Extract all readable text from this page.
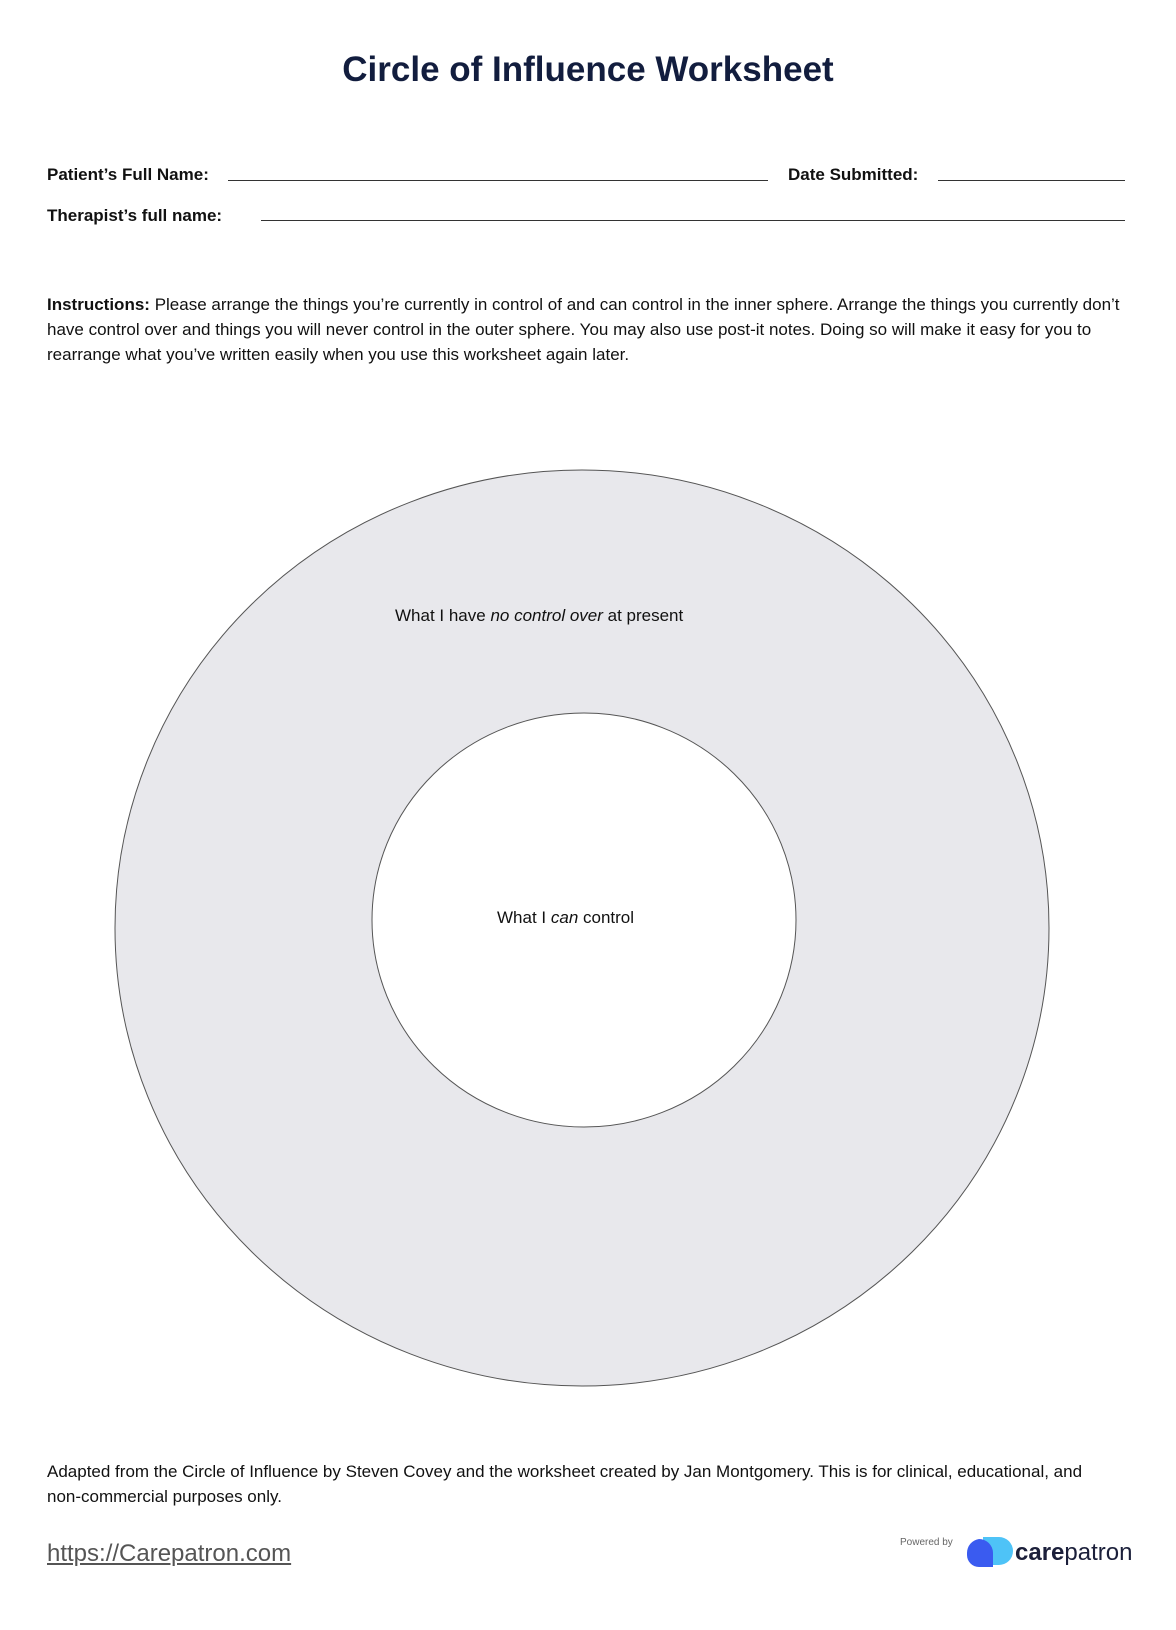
Circle of Influence Worksheet
Patient’s Full Name:	Date Submitted:
Therapist’s full name:

Instructions: Please arrange the things you’re currently in control of and can control in the inner sphere. Arrange the things you currently don’t have control over and things you will never control in the outer sphere. You may also use post-it notes. Doing so will make it easy for you to rearrange what you’ve written easily when you use this worksheet again later.

What I have no control over at present
What I can control

Adapted from the Circle of Influence by Steven Covey and the worksheet created by Jan Montgomery. This is for clinical, educational, and non-commercial purposes only.

https://Carepatron.com	Powered by	carepatron
